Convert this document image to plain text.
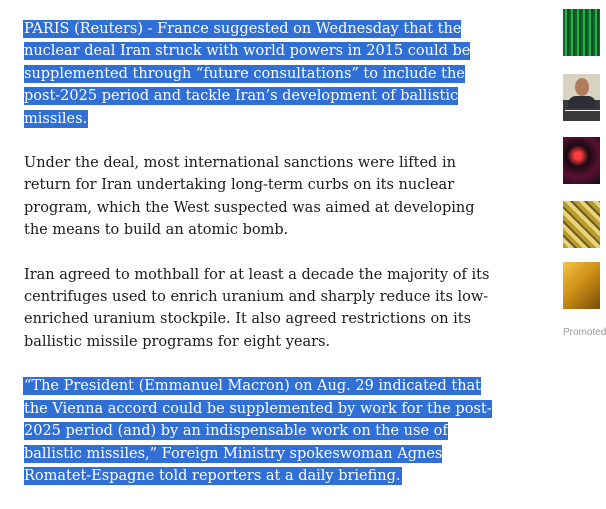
PARIS (Reuters) - France suggested on Wednesday that the nuclear deal Iran struck with world powers in 2015 could be supplemented through “future consultations” to include the post-2025 period and tackle Iran’s development of ballistic missiles.

Under the deal, most international sanctions were lifted in return for Iran undertaking long-term curbs on its nuclear program, which the West suspected was aimed at developing the means to build an atomic bomb.

Iran agreed to mothball for at least a decade the majority of its centrifuges used to enrich uranium and sharply reduce its low-enriched uranium stockpile. It also agreed restrictions on its ballistic missile programs for eight years.

“The President (Emmanuel Macron) on Aug. 29 indicated that the Vienna accord could be supplemented by work for the post-2025 period (and) by an indispensable work on the use of ballistic missiles,” Foreign Ministry spokeswoman Agnes Romatet-Espagne told reporters at a daily briefing.

Promoted
